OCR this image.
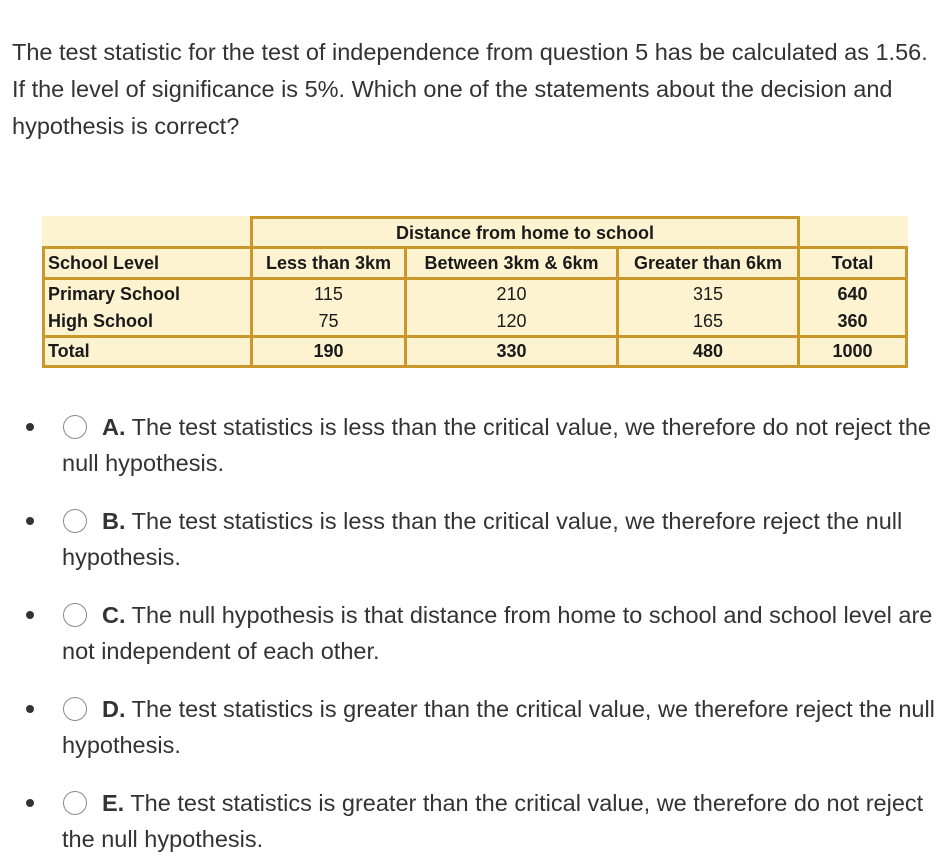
The test statistic for the test of independence from question 5 has be calculated as 1.56. If the level of significance is 5%. Which one of the statements about the decision and hypothesis is correct?

Distance from home to school
School Level	Less than 3km	Between 3km & 6km	Greater than 6km	Total
Primary School	115	210	315	640
High School	75	120	165	360
Total	190	330	480	1000

A. The test statistics is less than the critical value, we therefore do not reject the null hypothesis.

B. The test statistics is less than the critical value, we therefore reject the null hypothesis.

C. The null hypothesis is that distance from home to school and school level are not independent of each other.

D. The test statistics is greater than the critical value, we therefore reject the null hypothesis.

E. The test statistics is greater than the critical value, we therefore do not reject the null hypothesis.
